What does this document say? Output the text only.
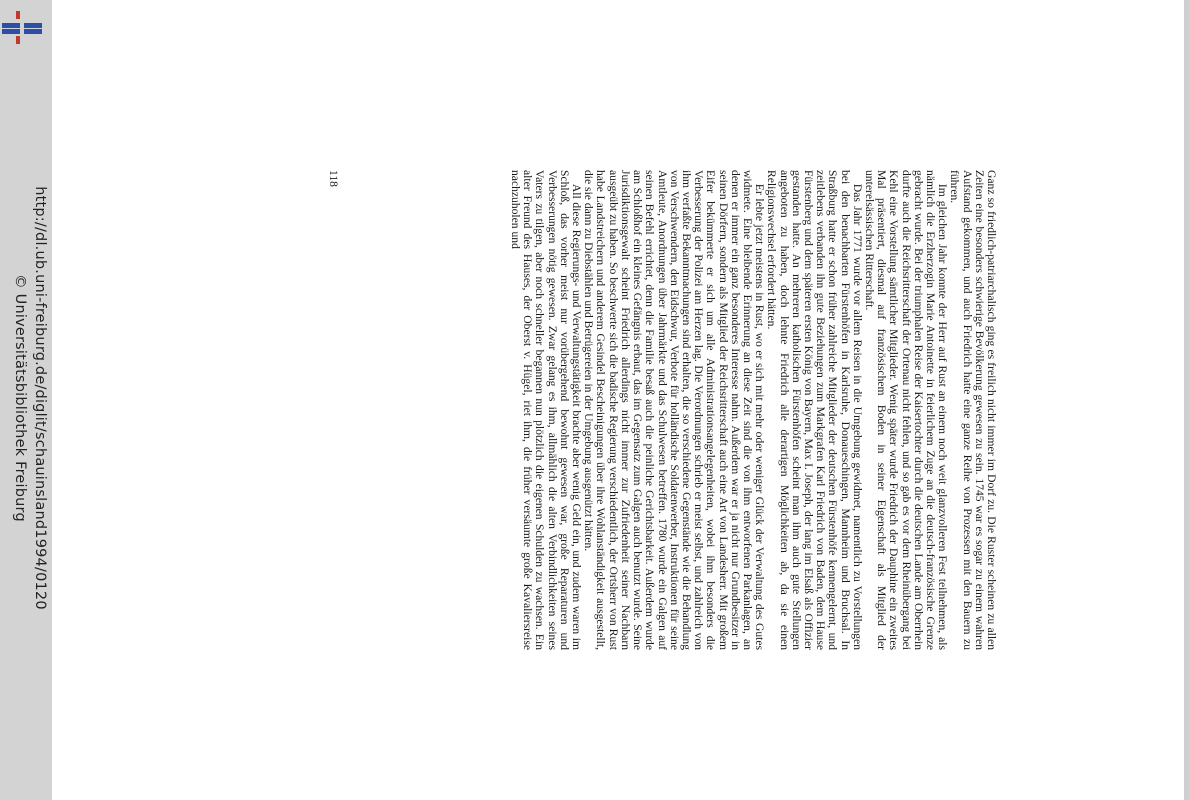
http://dl.ub.uni-freiburg.de/diglit/schauinsland1994/0120
© Universitätsbibliothek Freiburg	Ganz so friedlich-patriarchalisch ging es freilich nicht immer im Dorf zu. Die Ruster scheinen zu allen Zeiten eine besonders schwierige Bevölkerung gewesen zu sein. 1745 war es sogar zu einem wahren Aufstand gekommen, und auch Friedrich hatte eine ganze Reihe von Prozessen mit den Bauern zu führen.

Im gleichen Jahr konnte der Herr auf Rust an einem noch weit glanzvolleren Fest teilnehmen, als nämlich die Erzherzogin Marie Antoinette in feierlichem Zuge an die deutsch-französische Grenze gebracht wurde. Bei der triumphalen Reise der Kaisertochter durch die deutschen Lande am Oberrhein durfte auch die Reichsritterschaft der Ortenau nicht fehlen, und so gab es vor dem Rheinübergang bei Kehl eine Vorstellung sämtlicher Mitglieder. Wenig später wurde Friedrich der Dauphine ein zweites Mal präsentiert, diesmal auf französischem Boden in seiner Eigenschaft als Mitglied der unterelsässischen Ritterschaft.

Das Jahr 1771 wurde vor allem Reisen in die Umgebung gewidmet, namentlich zu Vorstellungen bei den benachbarten Fürstenhöfen in Karlsruhe, Donaueschingen, Mannheim und Bruchsal. In Straßburg hatte er schon früher zahlreiche Mitglieder der deutschen Fürstenhöfe kennengelernt, und zeitlebens verbanden ihn gute Beziehungen zum Markgrafen Karl Friedrich von Baden, dem Hause Fürstenberg und dem späteren ersten König von Bayern, Max I. Joseph, der lang im Elsaß als Offizier gestanden hatte. An mehreren katholischen Fürstenhöfen scheint man ihm auch gute Stellungen angeboten zu haben, doch lehnte Friedrich alle derartigen Möglichkeiten ab, da sie einen Religionswechsel erfordert hätten.

Er lebte jetzt meistens in Rust, wo er sich mit mehr oder weniger Glück der Verwaltung des Gutes widmete. Eine bleibende Erinnerung an diese Zeit sind die von ihm entworfenen Parkanlagen, an denen er immer ein ganz besonderes Interesse nahm. Außerdem war er ja nicht nur Grundbesitzer in seinen Dörfern, sondern als Mitglied der Reichsritterschaft auch eine Art von Landesherr. Mit großem Eifer bekümmerte er sich um alle Administrationsangelegenheiten, wobei ihm besonders die Verbesserung der Polizei am Herzen lag. Die Verordnungen schrieb er meist selbst, und zahlreich von ihm verfaßte Bekanntmachungen sind erhalten, die so verschiedene Gegenstände wie die Behandlung von Verschwendern, den Eidschwur, Verbote für holländische Soldatenwerber, Instruktionen für seine Amtleute, Anordnungen über Jahrmärkte und das Schulwesen betreffen. 1780 wurde ein Galgen auf seinen Befehl errichtet, denn die Familie besaß auch die peinliche Gerichtsbarkeit. Außerdem wurde am Schloßhof ein kleines Gefängnis erbaut, das im Gegensatz zum Galgen auch benutzt wurde. Seine Jurisdiktionsgewalt scheint Friedrich allerdings nicht immer zur Zufriedenheit seiner Nachbarn ausgeübt zu haben. So beschwerte sich die badische Regierung verschiedentlich, der Ortsherr von Rust habe Landstreichern und anderem Gesindel Bescheinigungen über ihre Wohlanständigkeit ausgestellt, die sie dann zu Diebstählen und Betrügereien in der Umgebung ausgenützt hätten.

All diese Regierungs- und Verwaltungstätigkeit brachte aber wenig Geld ein, und zudem waren im Schloß, das vorher meist nur vorübergehend bewohnt gewesen war, große Reparaturen und Verbesserungen nötig gewesen. Zwar gelang es ihm, allmählich die alten Verbindlichkeiten seines Vaters zu tilgen, aber noch schneller begannen nun plötzlich die eigenen Schulden zu wachsen. Ein alter Freund des Hauses, der Oberst v. Hügel, riet ihm, die früher versäumte große Kavaliersreise nachzuholen und

118
